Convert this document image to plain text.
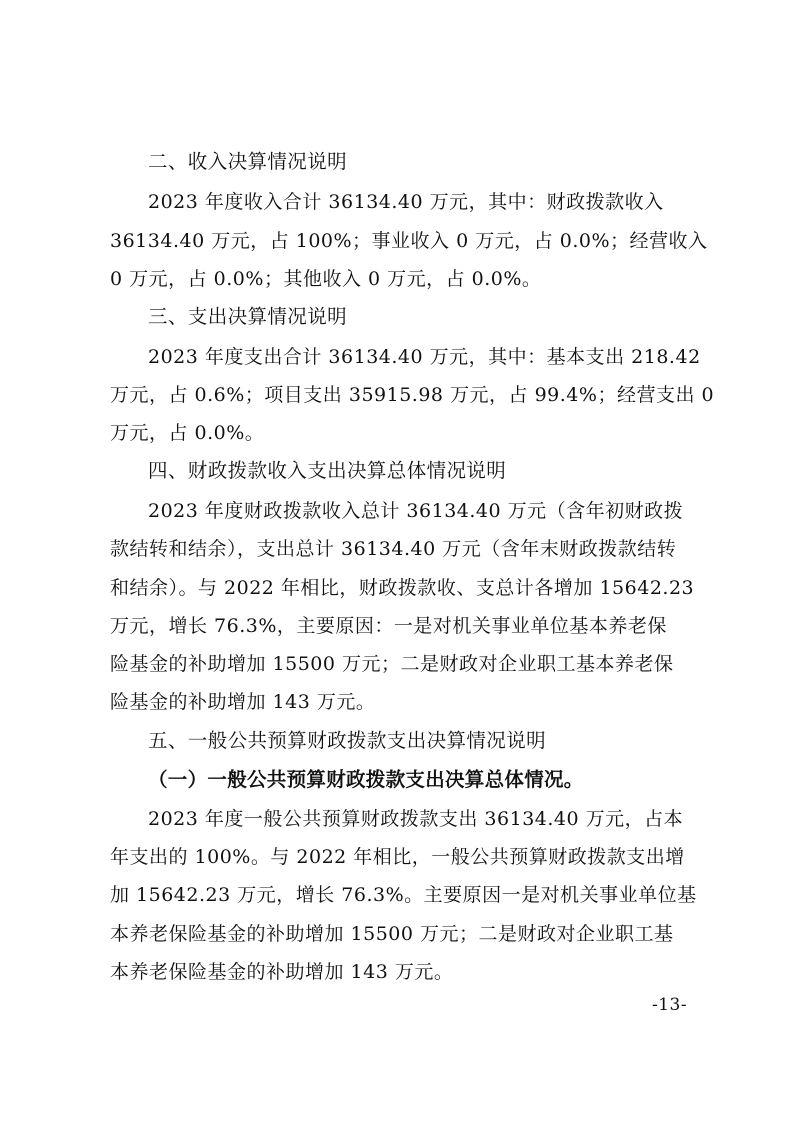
二、收入决算情况说明
2023 年度收入合计 36134.40 万元，其中：财政拨款收入
36134.40 万元，占 100%；事业收入 0 万元，占 0.0%；经营收入
0 万元，占 0.0%；其他收入 0 万元，占 0.0%。
三、支出决算情况说明
2023 年度支出合计 36134.40 万元，其中：基本支出 218.42
万元，占 0.6%；项目支出 35915.98 万元，占 99.4%；经营支出 0
万元，占 0.0%。
四、财政拨款收入支出决算总体情况说明
2023 年度财政拨款收入总计 36134.40 万元（含年初财政拨
款结转和结余），支出总计 36134.40 万元（含年末财政拨款结转
和结余）。与 2022 年相比，财政拨款收、支总计各增加 15642.23
万元，增长 76.3%，主要原因：一是对机关事业单位基本养老保
险基金的补助增加 15500 万元；二是财政对企业职工基本养老保
险基金的补助增加 143 万元。
五、一般公共预算财政拨款支出决算情况说明
（一）一般公共预算财政拨款支出决算总体情况。
2023 年度一般公共预算财政拨款支出 36134.40 万元，占本
年支出的 100%。与 2022 年相比，一般公共预算财政拨款支出增
加 15642.23 万元，增长 76.3%。主要原因一是对机关事业单位基
本养老保险基金的补助增加 15500 万元；二是财政对企业职工基
本养老保险基金的补助增加 143 万元。
-13-
